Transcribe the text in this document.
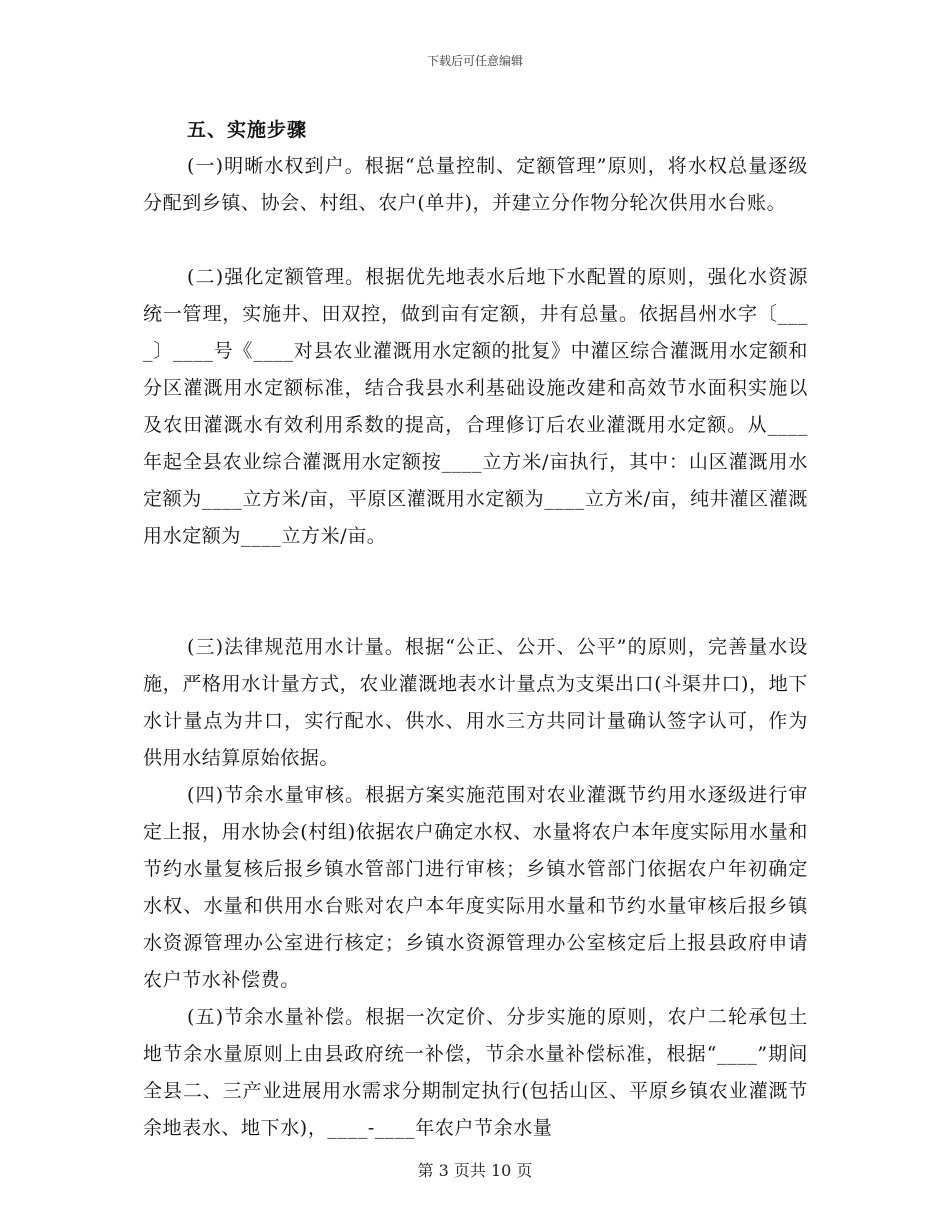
下载后可任意编辑
五、实施步骤

(一)明晰水权到户。根据“总量控制、定额管理”原则，将水权总量逐级分配到乡镇、协会、村组、农户(单井)，并建立分作物分轮次供用水台账。

(二)强化定额管理。根据优先地表水后地下水配置的原则，强化水资源统一管理，实施井、田双控，做到亩有定额，井有总量。依据昌州水字〔____〕____号《____对县农业灌溉用水定额的批复》中灌区综合灌溉用水定额和分区灌溉用水定额标准，结合我县水利基础设施改建和高效节水面积实施以及农田灌溉水有效利用系数的提高，合理修订后农业灌溉用水定额。从____年起全县农业综合灌溉用水定额按____立方米/亩执行，其中：山区灌溉用水定额为____立方米/亩，平原区灌溉用水定额为____立方米/亩，纯井灌区灌溉用水定额为____立方米/亩。

(三)法律规范用水计量。根据“公正、公开、公平”的原则，完善量水设施，严格用水计量方式，农业灌溉地表水计量点为支渠出口(斗渠井口)，地下水计量点为井口，实行配水、供水、用水三方共同计量确认签字认可，作为供用水结算原始依据。

(四)节余水量审核。根据方案实施范围对农业灌溉节约用水逐级进行审定上报，用水协会(村组)依据农户确定水权、水量将农户本年度实际用水量和节约水量复核后报乡镇水管部门进行审核；乡镇水管部门依据农户年初确定水权、水量和供用水台账对农户本年度实际用水量和节约水量审核后报乡镇水资源管理办公室进行核定；乡镇水资源管理办公室核定后上报县政府申请农户节水补偿费。

(五)节余水量补偿。根据一次定价、分步实施的原则，农户二轮承包土地节余水量原则上由县政府统一补偿，节余水量补偿标准，根据“____”期间全县二、三产业进展用水需求分期制定执行(包括山区、平原乡镇农业灌溉节余地表水、地下水)，____-____年农户节余水量

第 3 页共 10 页
